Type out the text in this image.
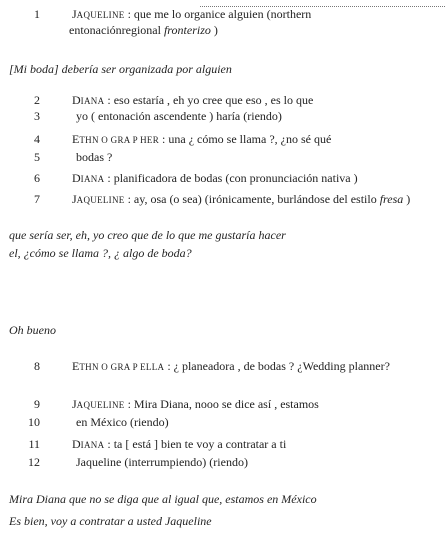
1	JAQUELINE : que me lo organice alguien (northern
entonaciónregional fronterizo )
[Mi boda] debería ser organizada por alguien
2	DIANA : eso estaría , eh yo cree que eso , es lo que
3	yo ( entonación ascendente ) haría (riendo)
4	ETHN O GRA P HER : una ¿ cómo se llama ?, ¿no sé qué
5	bodas ?
6	DIANA : planificadora de bodas (con pronunciación nativa )
7	JAQUELINE : ay, osa (o sea) (irónicamente, burlándose del estilo fresa )
que sería ser, eh, yo creo que de lo que me gustaría hacer
el, ¿cómo se llama ?, ¿ algo de boda?
Oh bueno
8	ETHN O GRA P ELLA : ¿ planeadora , de bodas ? ¿Wedding planner?
9	JAQUELINE : Mira Diana, nooo se dice así , estamos
10	en México (riendo)
11	DIANA : ta [ está ] bien te voy a contratar a ti
12	Jaqueline (interrumpiendo) (riendo)
Mira Diana que no se diga que al igual que, estamos en México
Es bien, voy a contratar a usted Jaqueline
